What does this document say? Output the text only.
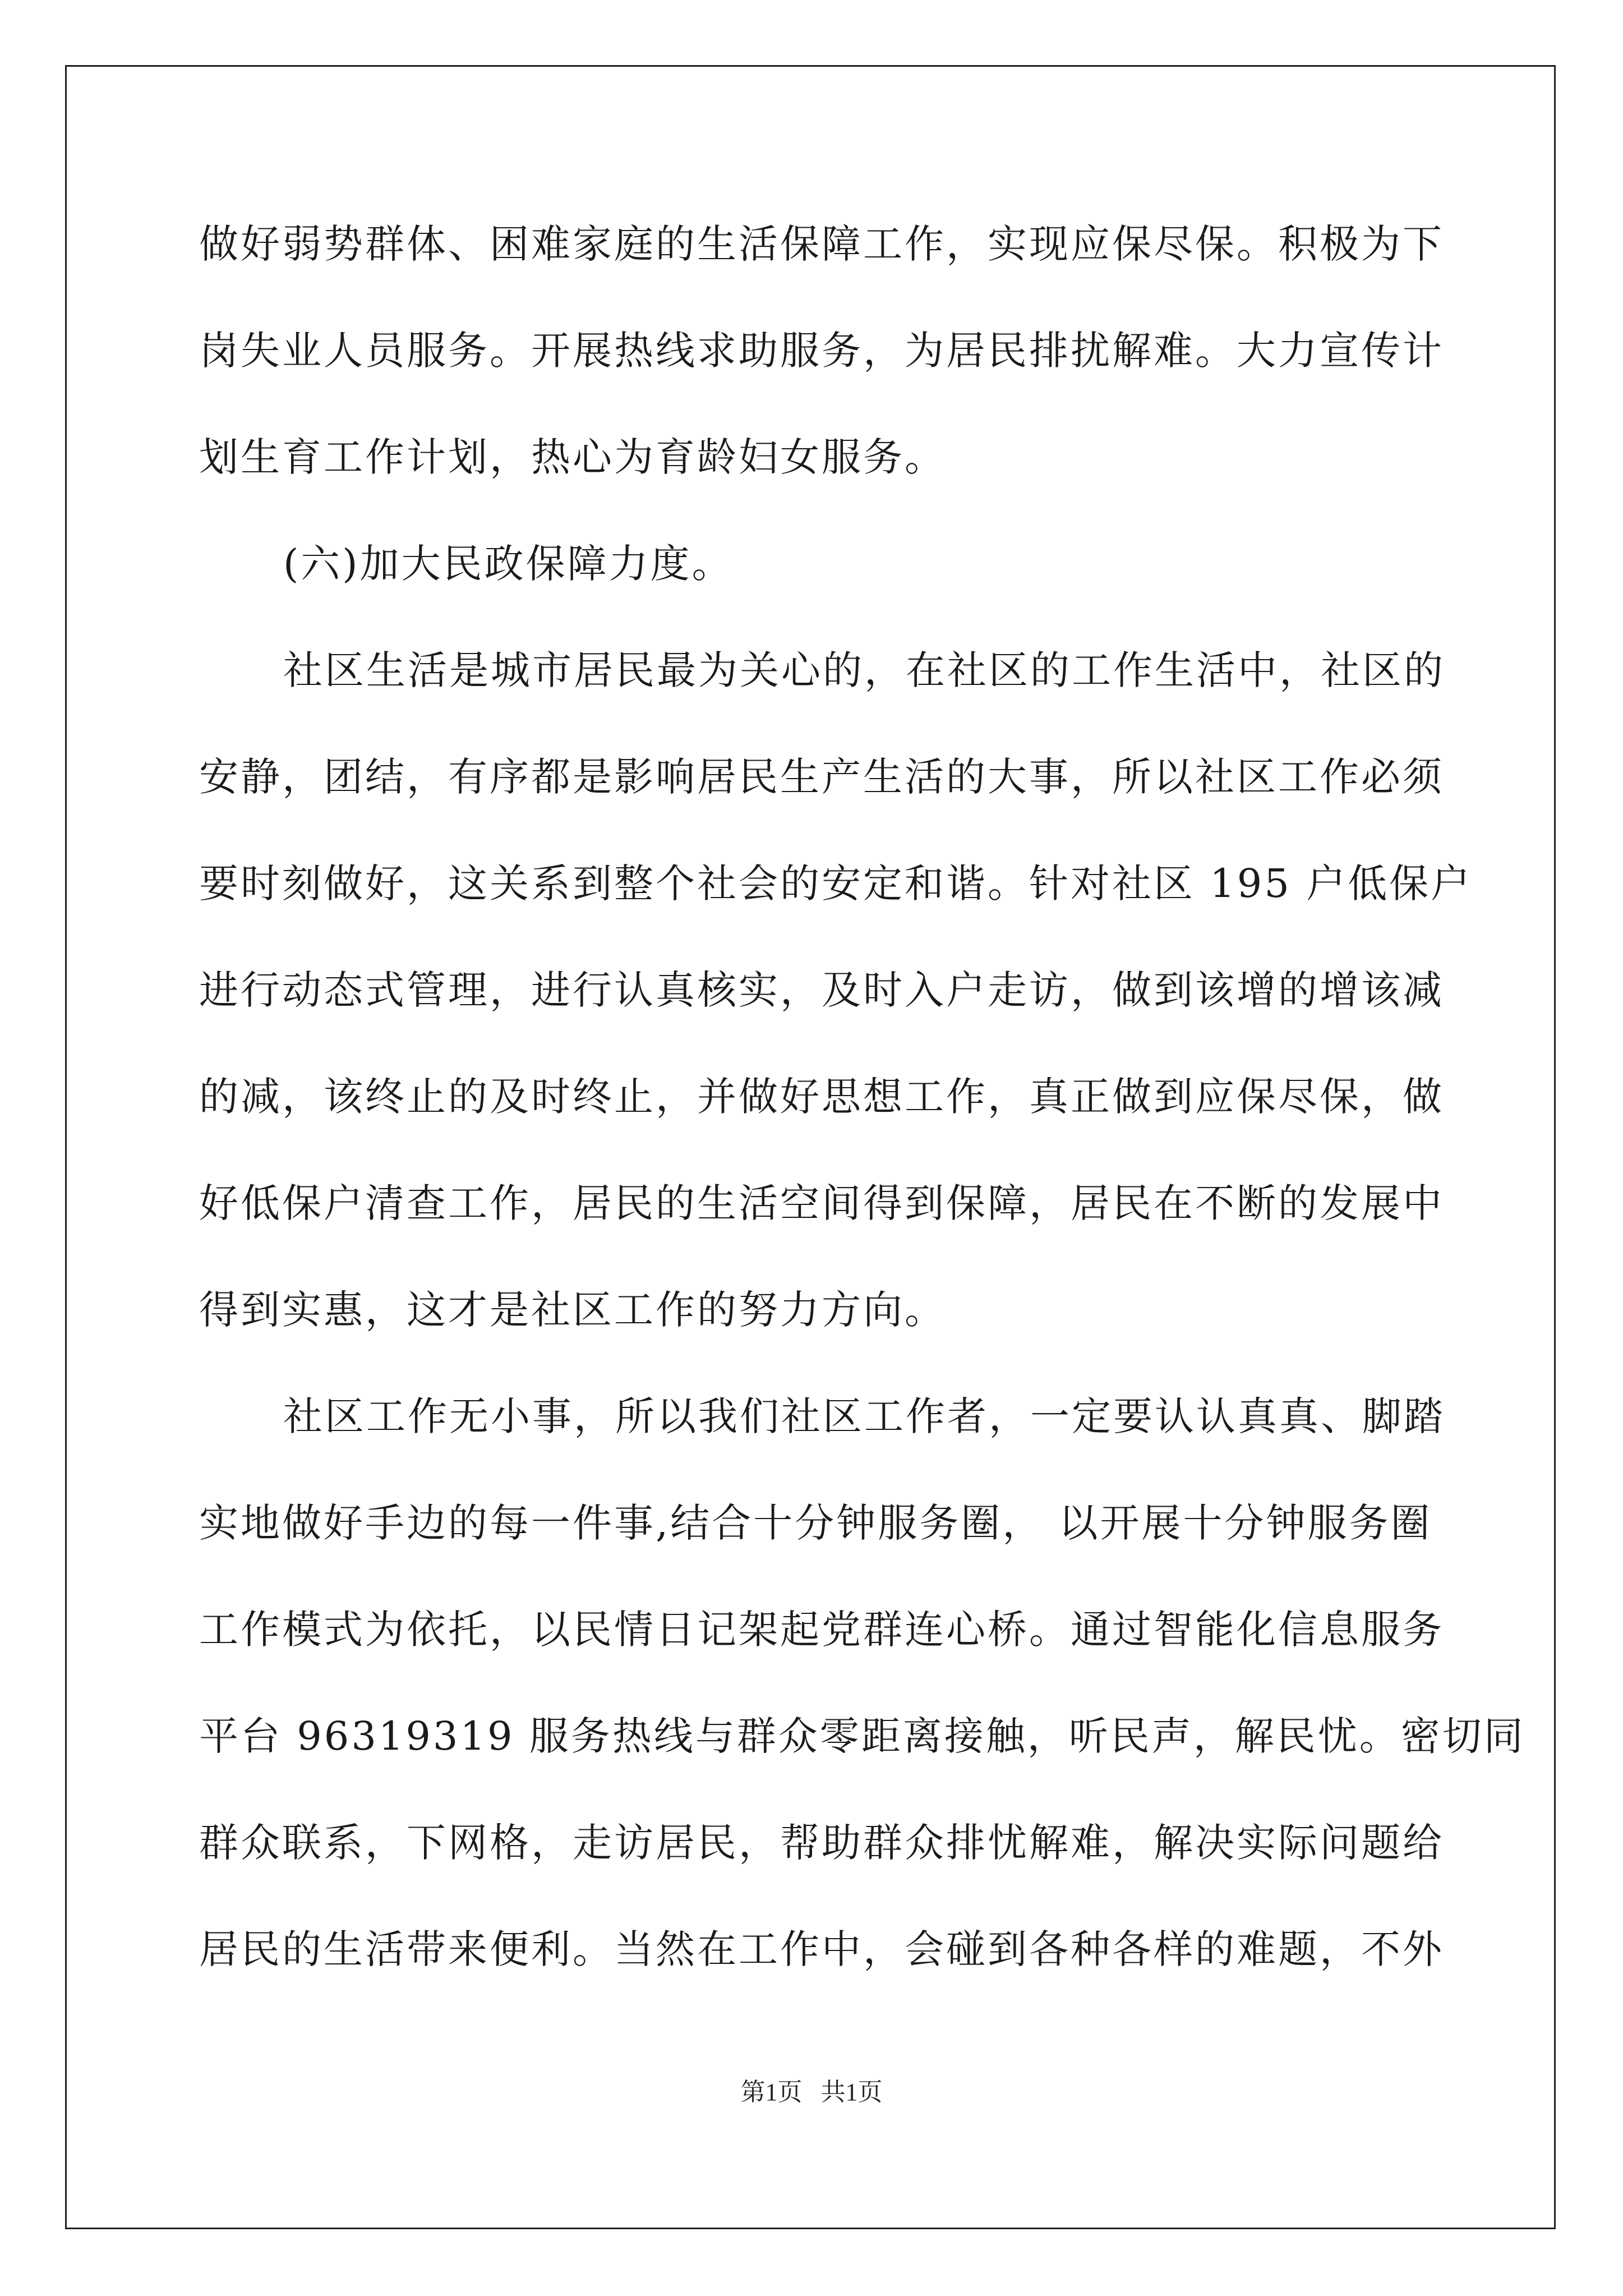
做好弱势群体、困难家庭的生活保障工作，实现应保尽保。积极为下
岗失业人员服务。开展热线求助服务，为居民排扰解难。大力宣传计
划生育工作计划，热心为育龄妇女服务。
(六)加大民政保障力度。
社区生活是城市居民最为关心的，在社区的工作生活中，社区的
安静，团结，有序都是影响居民生产生活的大事，所以社区工作必须
要时刻做好，这关系到整个社会的安定和谐。针对社区 195 户低保户
进行动态式管理，进行认真核实，及时入户走访，做到该增的增该减
的减，该终止的及时终止，并做好思想工作，真正做到应保尽保，做
好低保户清查工作，居民的生活空间得到保障，居民在不断的发展中
得到实惠，这才是社区工作的努力方向。
社区工作无小事，所以我们社区工作者，一定要认认真真、脚踏
实地做好手边的每一件事,结合十分钟服务圈， 以开展十分钟服务圈
工作模式为依托，以民情日记架起党群连心桥。通过智能化信息服务
平台 96319319 服务热线与群众零距离接触，听民声，解民忧。密切同
群众联系，下网格，走访居民，帮助群众排忧解难，解决实际问题给
居民的生活带来便利。当然在工作中，会碰到各种各样的难题，不外
第1页   共1页
